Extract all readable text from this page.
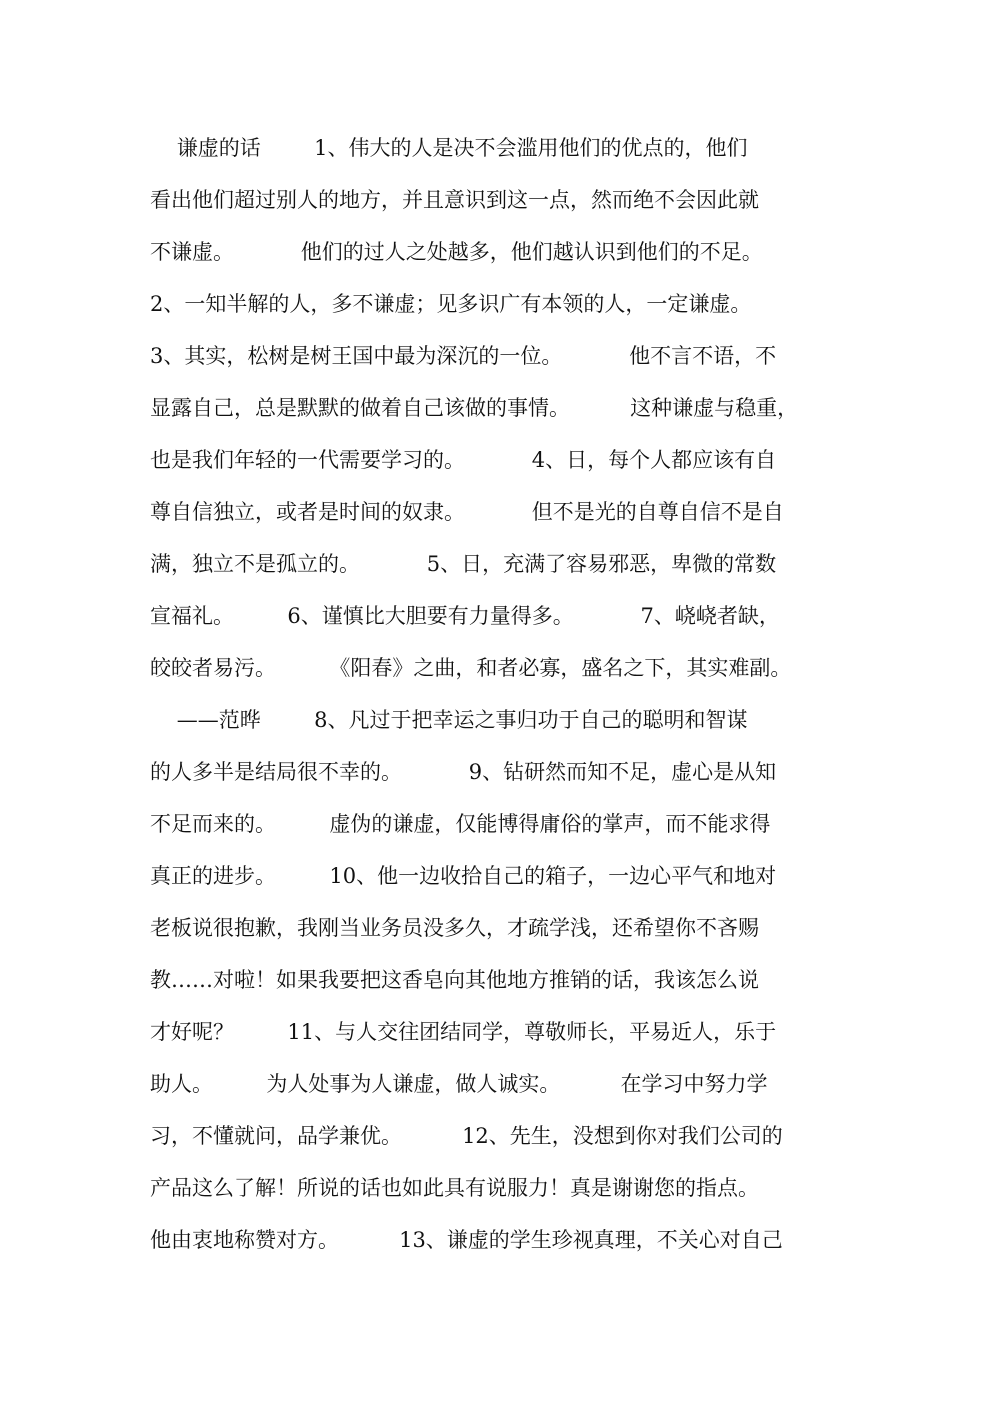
谦虚的话        1、伟大的人是决不会滥用他们的优点的，他们
看出他们超过别人的地方，并且意识到这一点，然而绝不会因此就
不谦虚。          他们的过人之处越多，他们越认识到他们的不足。
2、一知半解的人，多不谦虚；见多识广有本领的人，一定谦虚。
3、其实，松树是树王国中最为深沉的一位。          他不言不语，不
显露自己，总是默默的做着自己该做的事情。         这种谦虚与稳重，
也是我们年轻的一代需要学习的。          4、日，每个人都应该有自
尊自信独立，或者是时间的奴隶。          但不是光的自尊自信不是自
满，独立不是孤立的。          5、日，充满了容易邪恶，卑微的常数
宣福礼。        6、谨慎比大胆要有力量得多。          7、峣峣者缺，
皎皎者易污。        《阳春》之曲，和者必寡，盛名之下，其实难副。
——范晔        8、凡过于把幸运之事归功于自己的聪明和智谋
的人多半是结局很不幸的。          9、钻研然而知不足，虚心是从知
不足而来的。        虚伪的谦虚，仅能博得庸俗的掌声，而不能求得
真正的进步。        10、他一边收拾自己的箱子，一边心平气和地对
老板说很抱歉，我刚当业务员没多久，才疏学浅，还希望你不吝赐
教……对啦！如果我要把这香皂向其他地方推销的话，我该怎么说
才好呢？        11、与人交往团结同学，尊敬师长，平易近人，乐于
助人。        为人处事为人谦虚，做人诚实。         在学习中努力学
习，不懂就问，品学兼优。         12、先生，没想到你对我们公司的
产品这么了解！所说的话也如此具有说服力！真是谢谢您的指点。
他由衷地称赞对方。         13、谦虚的学生珍视真理，不关心对自己
